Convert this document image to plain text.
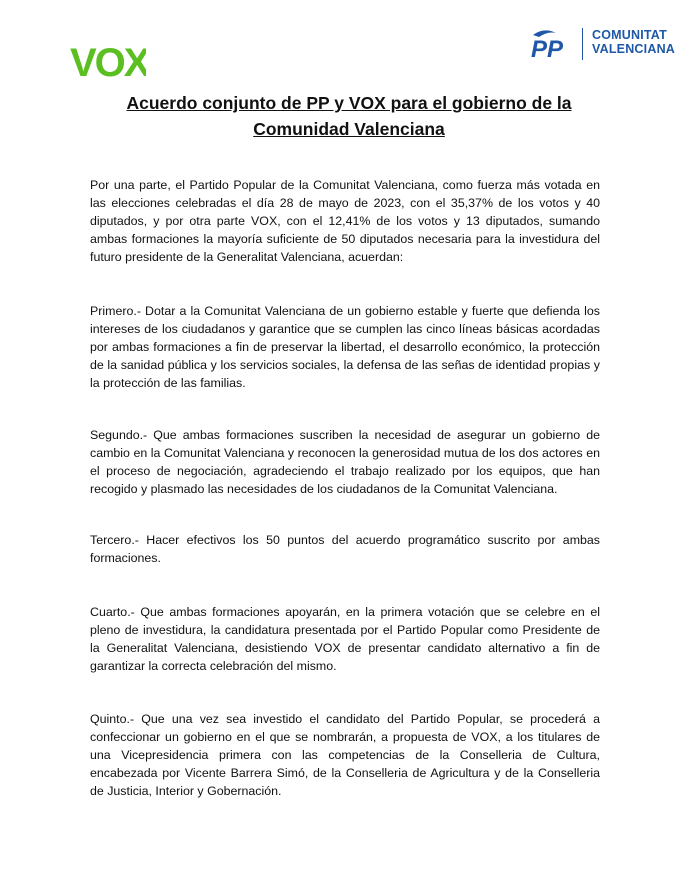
VOX	PP
COMUNITAT
VALENCIANA
Acuerdo conjunto de PP y VOX para el gobierno de la Comunidad Valenciana

Por una parte, el Partido Popular de la Comunitat Valenciana, como fuerza más votada en las elecciones celebradas el día 28 de mayo de 2023, con el 35,37% de los votos y 40 diputados, y por otra parte VOX, con el 12,41% de los votos y 13 diputados, sumando ambas formaciones la mayoría suficiente de 50 diputados necesaria para la investidura del futuro presidente de la Generalitat Valenciana, acuerdan:

Primero.- Dotar a la Comunitat Valenciana de un gobierno estable y fuerte que defienda los intereses de los ciudadanos y garantice que se cumplen las cinco líneas básicas acordadas por ambas formaciones a fin de preservar la libertad, el desarrollo económico, la protección de la sanidad pública y los servicios sociales, la defensa de las señas de identidad propias y la protección de las familias.

Segundo.- Que ambas formaciones suscriben la necesidad de asegurar un gobierno de cambio en la Comunitat Valenciana y reconocen la generosidad mutua de los dos actores en el proceso de negociación, agradeciendo el trabajo realizado por los equipos, que han recogido y plasmado las necesidades de los ciudadanos de la Comunitat Valenciana.

Tercero.- Hacer efectivos los 50 puntos del acuerdo programático suscrito por ambas formaciones.

Cuarto.- Que ambas formaciones apoyarán, en la primera votación que se celebre en el pleno de investidura, la candidatura presentada por el Partido Popular como Presidente de la Generalitat Valenciana, desistiendo VOX de presentar candidato alternativo a fin de garantizar la correcta celebración del mismo.

Quinto.- Que una vez sea investido el candidato del Partido Popular, se procederá a confeccionar un gobierno en el que se nombrarán, a propuesta de VOX, a los titulares de una Vicepresidencia primera con las competencias de la Conselleria de Cultura, encabezada por Vicente Barrera Simó, de la Conselleria de Agricultura y de la Conselleria de Justicia, Interior y Gobernación.
